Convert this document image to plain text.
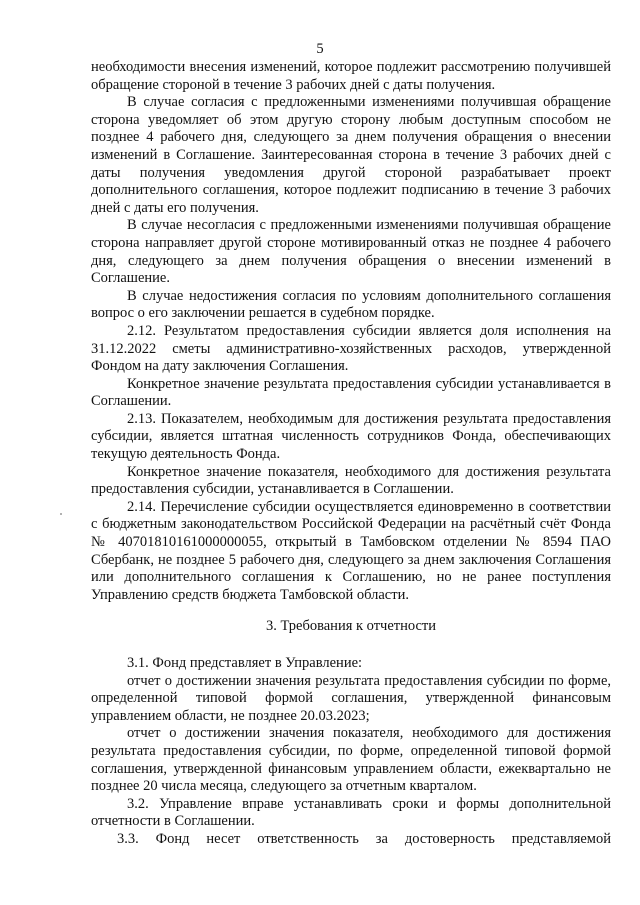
5

необходимости внесения изменений, которое подлежит рассмотрению получившей обращение стороной в течение 3 рабочих дней с даты получения.

В случае согласия с предложенными изменениями получившая обращение сторона уведомляет об этом другую сторону любым доступным способом не позднее 4 рабочего дня, следующего за днем получения обращения о внесении изменений в Соглашение. Заинтересованная сторона в течение 3 рабочих дней с даты получения уведомления другой стороной разрабатывает проект дополнительного соглашения, которое подлежит подписанию в течение 3 рабочих дней с даты его получения.

В случае несогласия с предложенными изменениями получившая обращение сторона направляет другой стороне мотивированный отказ не позднее 4 рабочего дня, следующего за днем получения обращения о внесении изменений в Соглашение.

В случае недостижения согласия по условиям дополнительного соглашения вопрос о его заключении решается в судебном порядке.

2.12. Результатом предоставления субсидии является доля исполнения на 31.12.2022 сметы административно-хозяйственных расходов, утвержденной Фондом на дату заключения Соглашения.

Конкретное значение результата предоставления субсидии устанавливается в Соглашении.

2.13. Показателем, необходимым для достижения результата предоставления субсидии, является штатная численность сотрудников Фонда, обеспечивающих текущую деятельность Фонда.

Конкретное значение показателя, необходимого для достижения результата предоставления субсидии, устанавливается в Соглашении.

2.14. Перечисление субсидии осуществляется единовременно в соответствии с бюджетным законодательством Российской Федерации на расчётный счёт Фонда № 40701810161000000055, открытый в Тамбовском отделении № 8594 ПАО Сбербанк, не позднее 5 рабочего дня, следующего за днем заключения Соглашения или дополнительного соглашения к Соглашению, но не ранее поступления Управлению средств бюджета Тамбовской области.

3. Требования к отчетности

3.1. Фонд представляет в Управление:

отчет о достижении значения результата предоставления субсидии по форме, определенной типовой формой соглашения, утвержденной финансовым управлением области, не позднее 20.03.2023;

отчет о достижении значения показателя, необходимого для достижения результата предоставления субсидии, по форме, определенной типовой формой соглашения, утвержденной финансовым управлением области, ежеквартально не позднее 20 числа месяца, следующего за отчетным кварталом.

3.2. Управление вправе устанавливать сроки и формы дополнительной отчетности в Соглашении.

3.3. Фонд несет ответственность за достоверность представляемой
